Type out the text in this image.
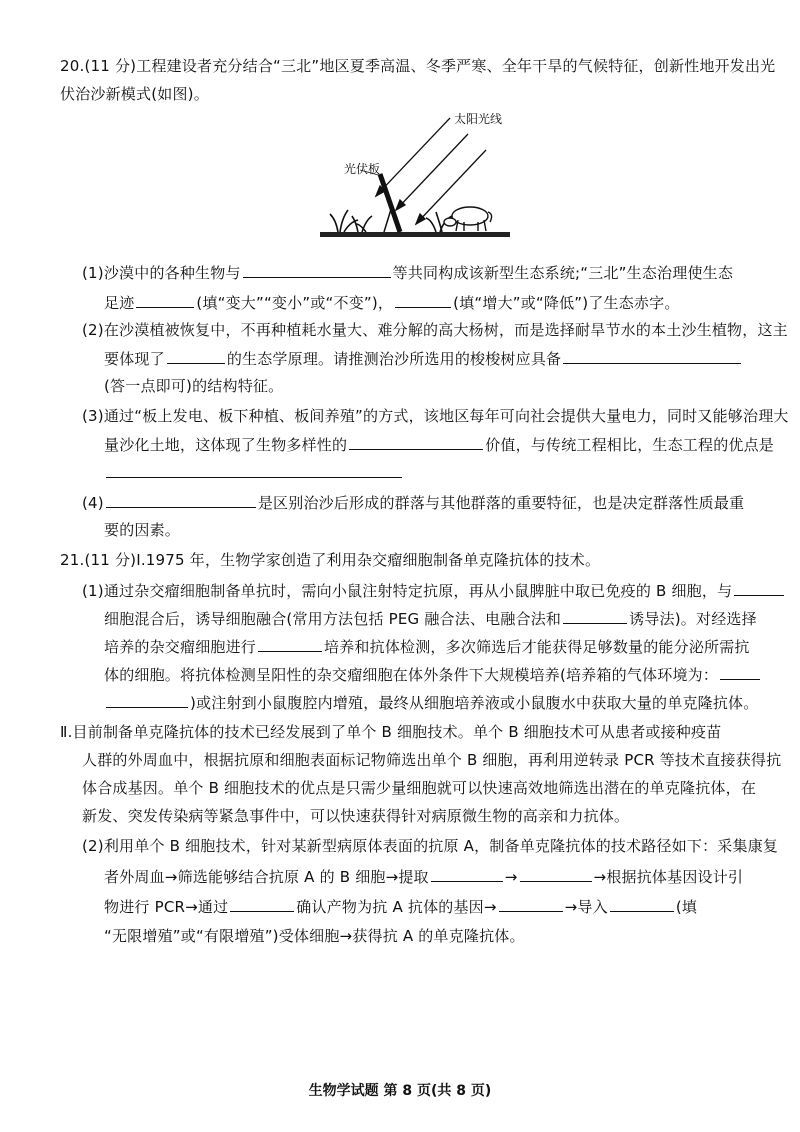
20.(11 分)工程建设者充分结合“三北”地区夏季高温、冬季严寒、全年干旱的气候特征，创新性地开发出光
伏治沙新模式(如图)。
太阳光线
光伏板
(1)沙漠中的各种生物与	等共同构成该新型生态系统;“三北”生态治理使生态
足迹	(填“变大”“变小”或“不变”)，	(填“增大”或“降低”)了生态赤字。
(2)在沙漠植被恢复中，不再种植耗水量大、难分解的高大杨树，而是选择耐旱节水的本土沙生植物，这主
要体现了	的生态学原理。请推测治沙所选用的梭梭树应具备
(答一点即可)的结构特征。
(3)通过“板上发电、板下种植、板间养殖”的方式，该地区每年可向社会提供大量电力，同时又能够治理大
量沙化土地，这体现了生物多样性的	价值，与传统工程相比，生态工程的优点是
(4)	是区别治沙后形成的群落与其他群落的重要特征，也是决定群落性质最重
要的因素。
21.(11 分)Ⅰ.1975 年，生物学家创造了利用杂交瘤细胞制备单克隆抗体的技术。
(1)通过杂交瘤细胞制备单抗时，需向小鼠注射特定抗原，再从小鼠脾脏中取已免疫的 B 细胞，与
细胞混合后，诱导细胞融合(常用方法包括 PEG 融合法、电融合法和	诱导法)。对经选择
培养的杂交瘤细胞进行	培养和抗体检测，多次筛选后才能获得足够数量的能分泌所需抗
体的细胞。将抗体检测呈阳性的杂交瘤细胞在体外条件下大规模培养(培养箱的气体环境为：
)或注射到小鼠腹腔内增殖，最终从细胞培养液或小鼠腹水中获取大量的单克隆抗体。
Ⅱ.目前制备单克隆抗体的技术已经发展到了单个 B 细胞技术。单个 B 细胞技术可从患者或接种疫苗
人群的外周血中，根据抗原和细胞表面标记物筛选出单个 B 细胞，再利用逆转录 PCR 等技术直接获得抗
体合成基因。单个 B 细胞技术的优点是只需少量细胞就可以快速高效地筛选出潜在的单克隆抗体，在
新发、突发传染病等紧急事件中，可以快速获得针对病原微生物的高亲和力抗体。
(2)利用单个 B 细胞技术，针对某新型病原体表面的抗原 A，制备单克隆抗体的技术路径如下：采集康复
者外周血→筛选能够结合抗原 A 的 B 细胞→提取	→	→根据抗体基因设计引
物进行 PCR→通过	确认产物为抗 A 抗体的基因→	→导入	(填
“无限增殖”或“有限增殖”)受体细胞→获得抗 A 的单克隆抗体。
生物学试题 第 8 页(共 8 页)
